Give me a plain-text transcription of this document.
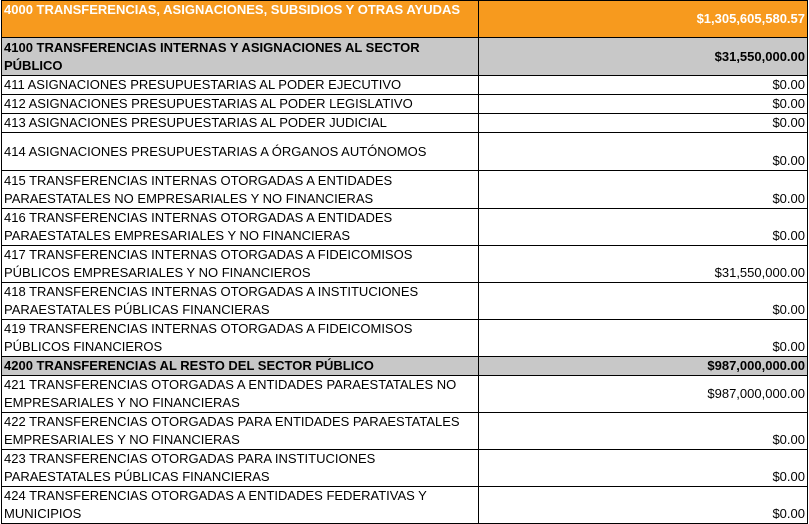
4000 TRANSFERENCIAS, ASIGNACIONES, SUBSIDIOS Y OTRAS AYUDAS	$1,305,605,580.57
4100 TRANSFERENCIAS INTERNAS Y ASIGNACIONES AL SECTOR PÚBLICO	$31,550,000.00
411 ASIGNACIONES PRESUPUESTARIAS AL PODER EJECUTIVO	$0.00
412 ASIGNACIONES PRESUPUESTARIAS AL PODER LEGISLATIVO	$0.00
413 ASIGNACIONES PRESUPUESTARIAS AL PODER JUDICIAL	$0.00
414 ASIGNACIONES PRESUPUESTARIAS A ÓRGANOS AUTÓNOMOS	$0.00
415 TRANSFERENCIAS INTERNAS OTORGADAS A ENTIDADES PARAESTATALES NO EMPRESARIALES Y NO FINANCIERAS	$0.00
416 TRANSFERENCIAS INTERNAS OTORGADAS A ENTIDADES PARAESTATALES EMPRESARIALES Y NO FINANCIERAS	$0.00
417 TRANSFERENCIAS INTERNAS OTORGADAS A FIDEICOMISOS PÚBLICOS EMPRESARIALES Y NO FINANCIEROS	$31,550,000.00
418 TRANSFERENCIAS INTERNAS OTORGADAS A INSTITUCIONES PARAESTATALES PÚBLICAS FINANCIERAS	$0.00
419 TRANSFERENCIAS INTERNAS OTORGADAS A FIDEICOMISOS PÚBLICOS FINANCIEROS	$0.00
4200 TRANSFERENCIAS AL RESTO DEL SECTOR PÚBLICO	$987,000,000.00
421 TRANSFERENCIAS OTORGADAS A ENTIDADES PARAESTATALES NO EMPRESARIALES Y NO FINANCIERAS	$987,000,000.00
422 TRANSFERENCIAS OTORGADAS PARA ENTIDADES PARAESTATALES EMPRESARIALES Y NO FINANCIERAS	$0.00
423 TRANSFERENCIAS OTORGADAS PARA INSTITUCIONES PARAESTATALES PÚBLICAS FINANCIERAS	$0.00
424 TRANSFERENCIAS OTORGADAS A ENTIDADES FEDERATIVAS Y MUNICIPIOS	$0.00
